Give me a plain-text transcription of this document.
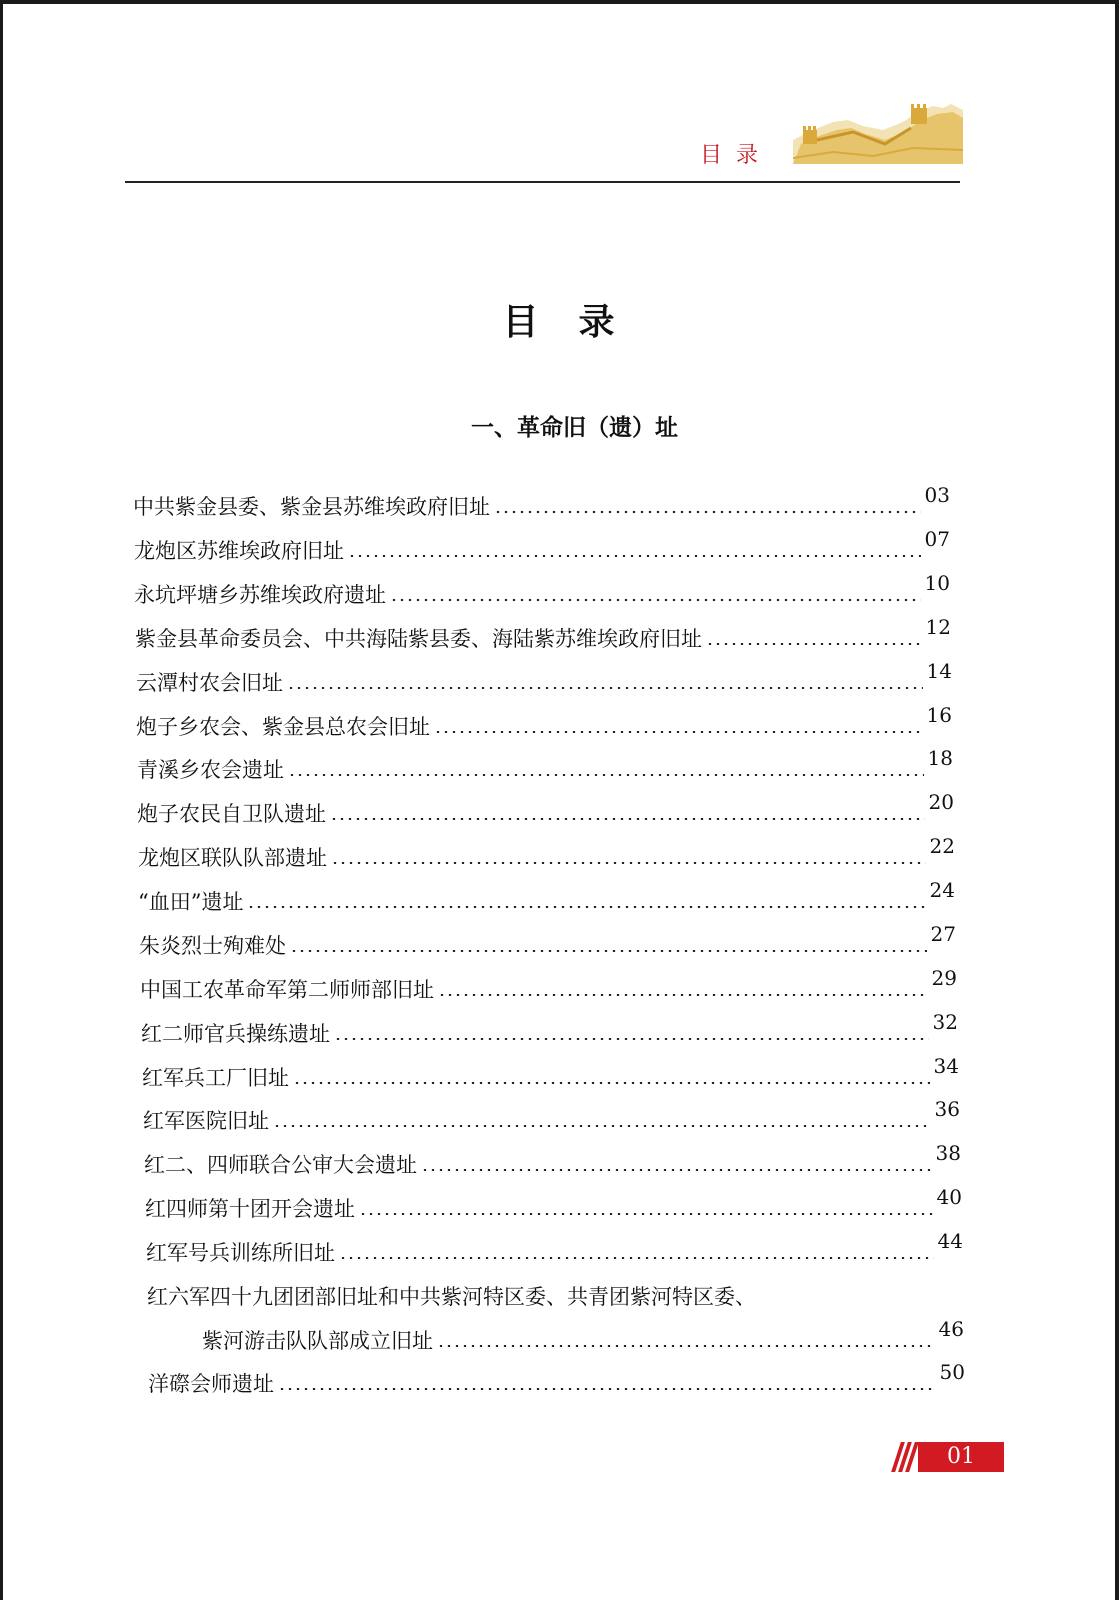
目录
目　录
一、革命旧（遗）址
中共紫金县委、紫金县苏维埃政府旧址	03
龙炮区苏维埃政府旧址	07
永坑坪塘乡苏维埃政府遗址	10
紫金县革命委员会、中共海陆紫县委、海陆紫苏维埃政府旧址	12
云潭村农会旧址	14
炮子乡农会、紫金县总农会旧址	16
青溪乡农会遗址	18
炮子农民自卫队遗址	20
龙炮区联队队部遗址	22
“血田”遗址	24
朱炎烈士殉难处	27
中国工农革命军第二师师部旧址	29
红二师官兵操练遗址	32
红军兵工厂旧址	34
红军医院旧址	36
红二、四师联合公审大会遗址	38
红四师第十团开会遗址	40
红军号兵训练所旧址	44
红六军四十九团团部旧址和中共紫河特区委、共青团紫河特区委、
紫河游击队队部成立旧址	46
洋磜会师遗址	50
01
